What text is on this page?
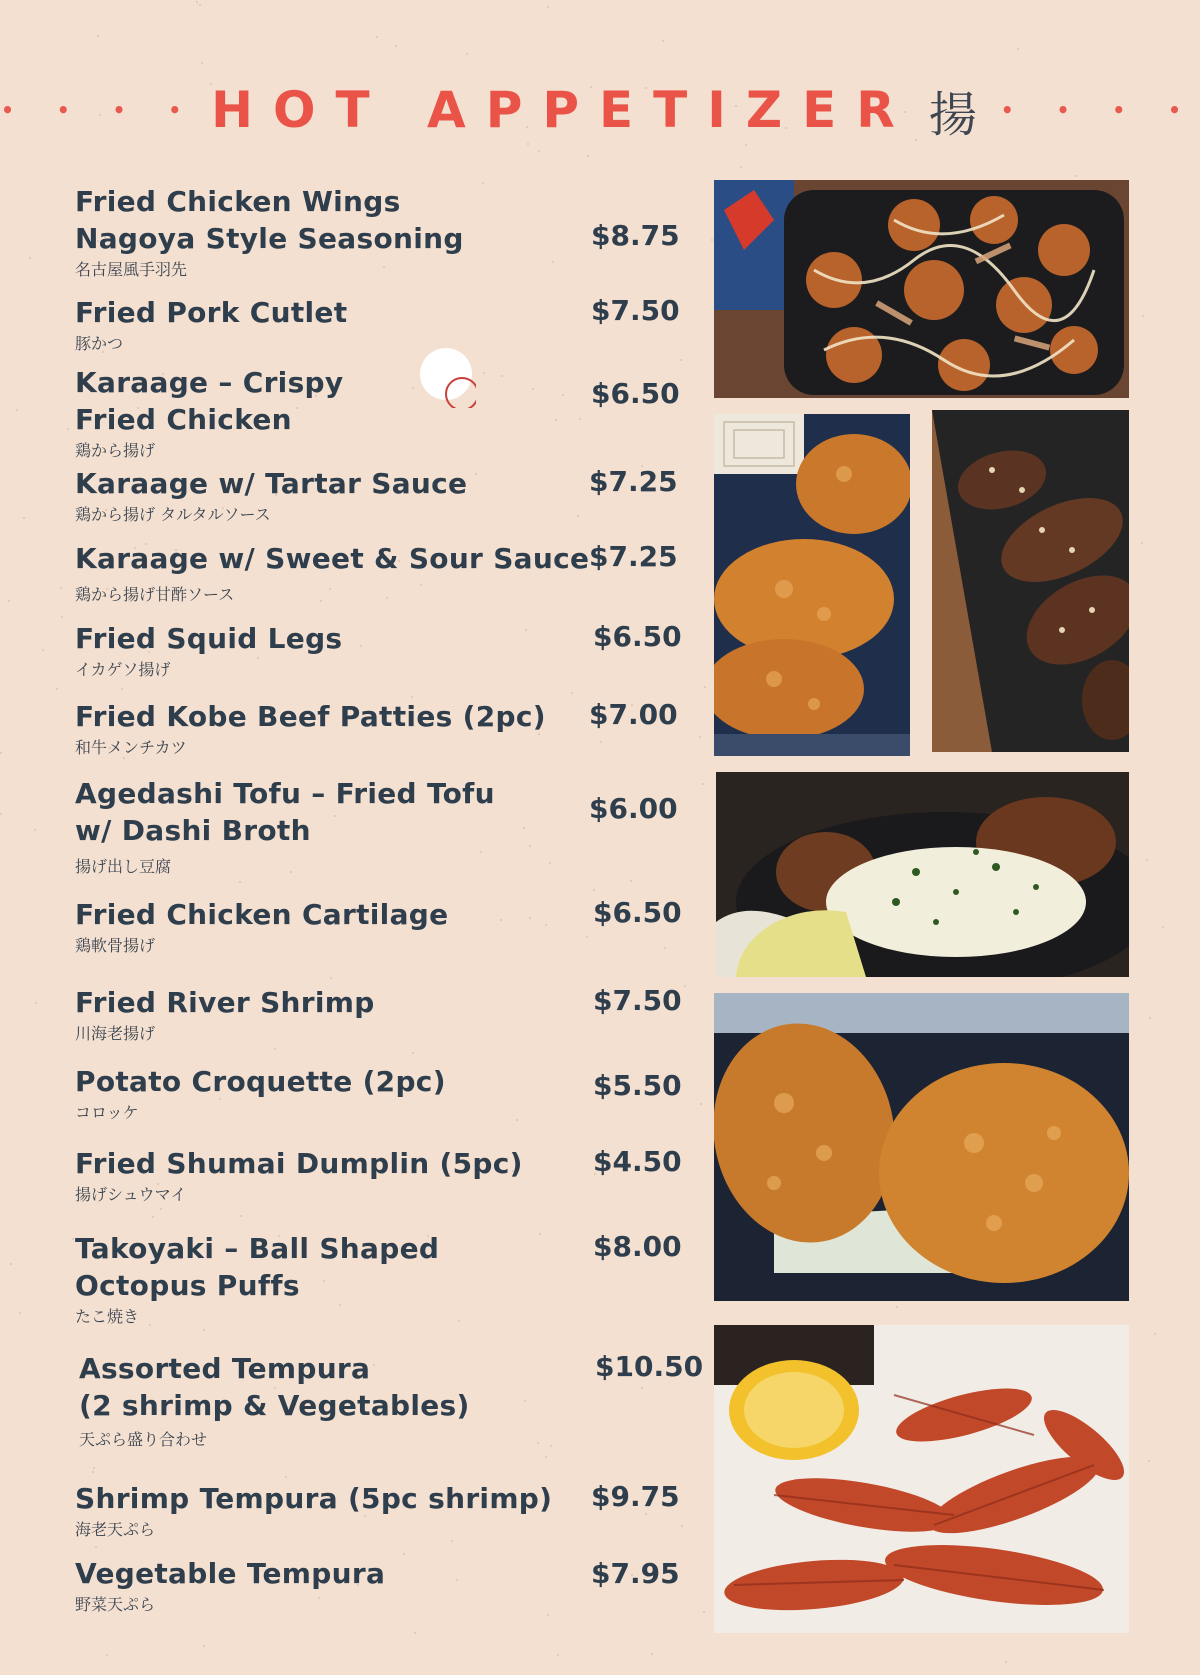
• • • • HOT APPETIZER 揚 • • • •
Fried Chicken Wings
Nagoya Style Seasoning
名古屋風手羽先
$8.75
Fried Pork Cutlet
豚かつ
$7.50
Karaage – Crispy
Fried Chicken
鶏から揚げ
$6.50
Karaage w/ Tartar Sauce
鶏から揚げ タルタルソース
$7.25
Karaage w/ Sweet & Sour Sauce
鶏から揚げ甘酢ソース
$7.25
Fried Squid Legs
イカゲソ揚げ
$6.50
Fried Kobe Beef Patties (2pc)
和牛メンチカツ
$7.00
Agedashi Tofu – Fried Tofu
w/ Dashi Broth
揚げ出し豆腐
$6.00
Fried Chicken Cartilage
鶏軟骨揚げ
$6.50
Fried River Shrimp
川海老揚げ
$7.50
Potato Croquette (2pc)
コロッケ
$5.50
Fried Shumai Dumplin (5pc)
揚げシュウマイ
$4.50
Takoyaki – Ball Shaped
Octopus Puffs
たこ焼き
$8.00
Assorted Tempura
(2 shrimp & Vegetables)
天ぷら盛り合わせ
$10.50
Shrimp Tempura (5pc shrimp)
海老天ぷら
$9.75
Vegetable Tempura
野菜天ぷら
$7.95
